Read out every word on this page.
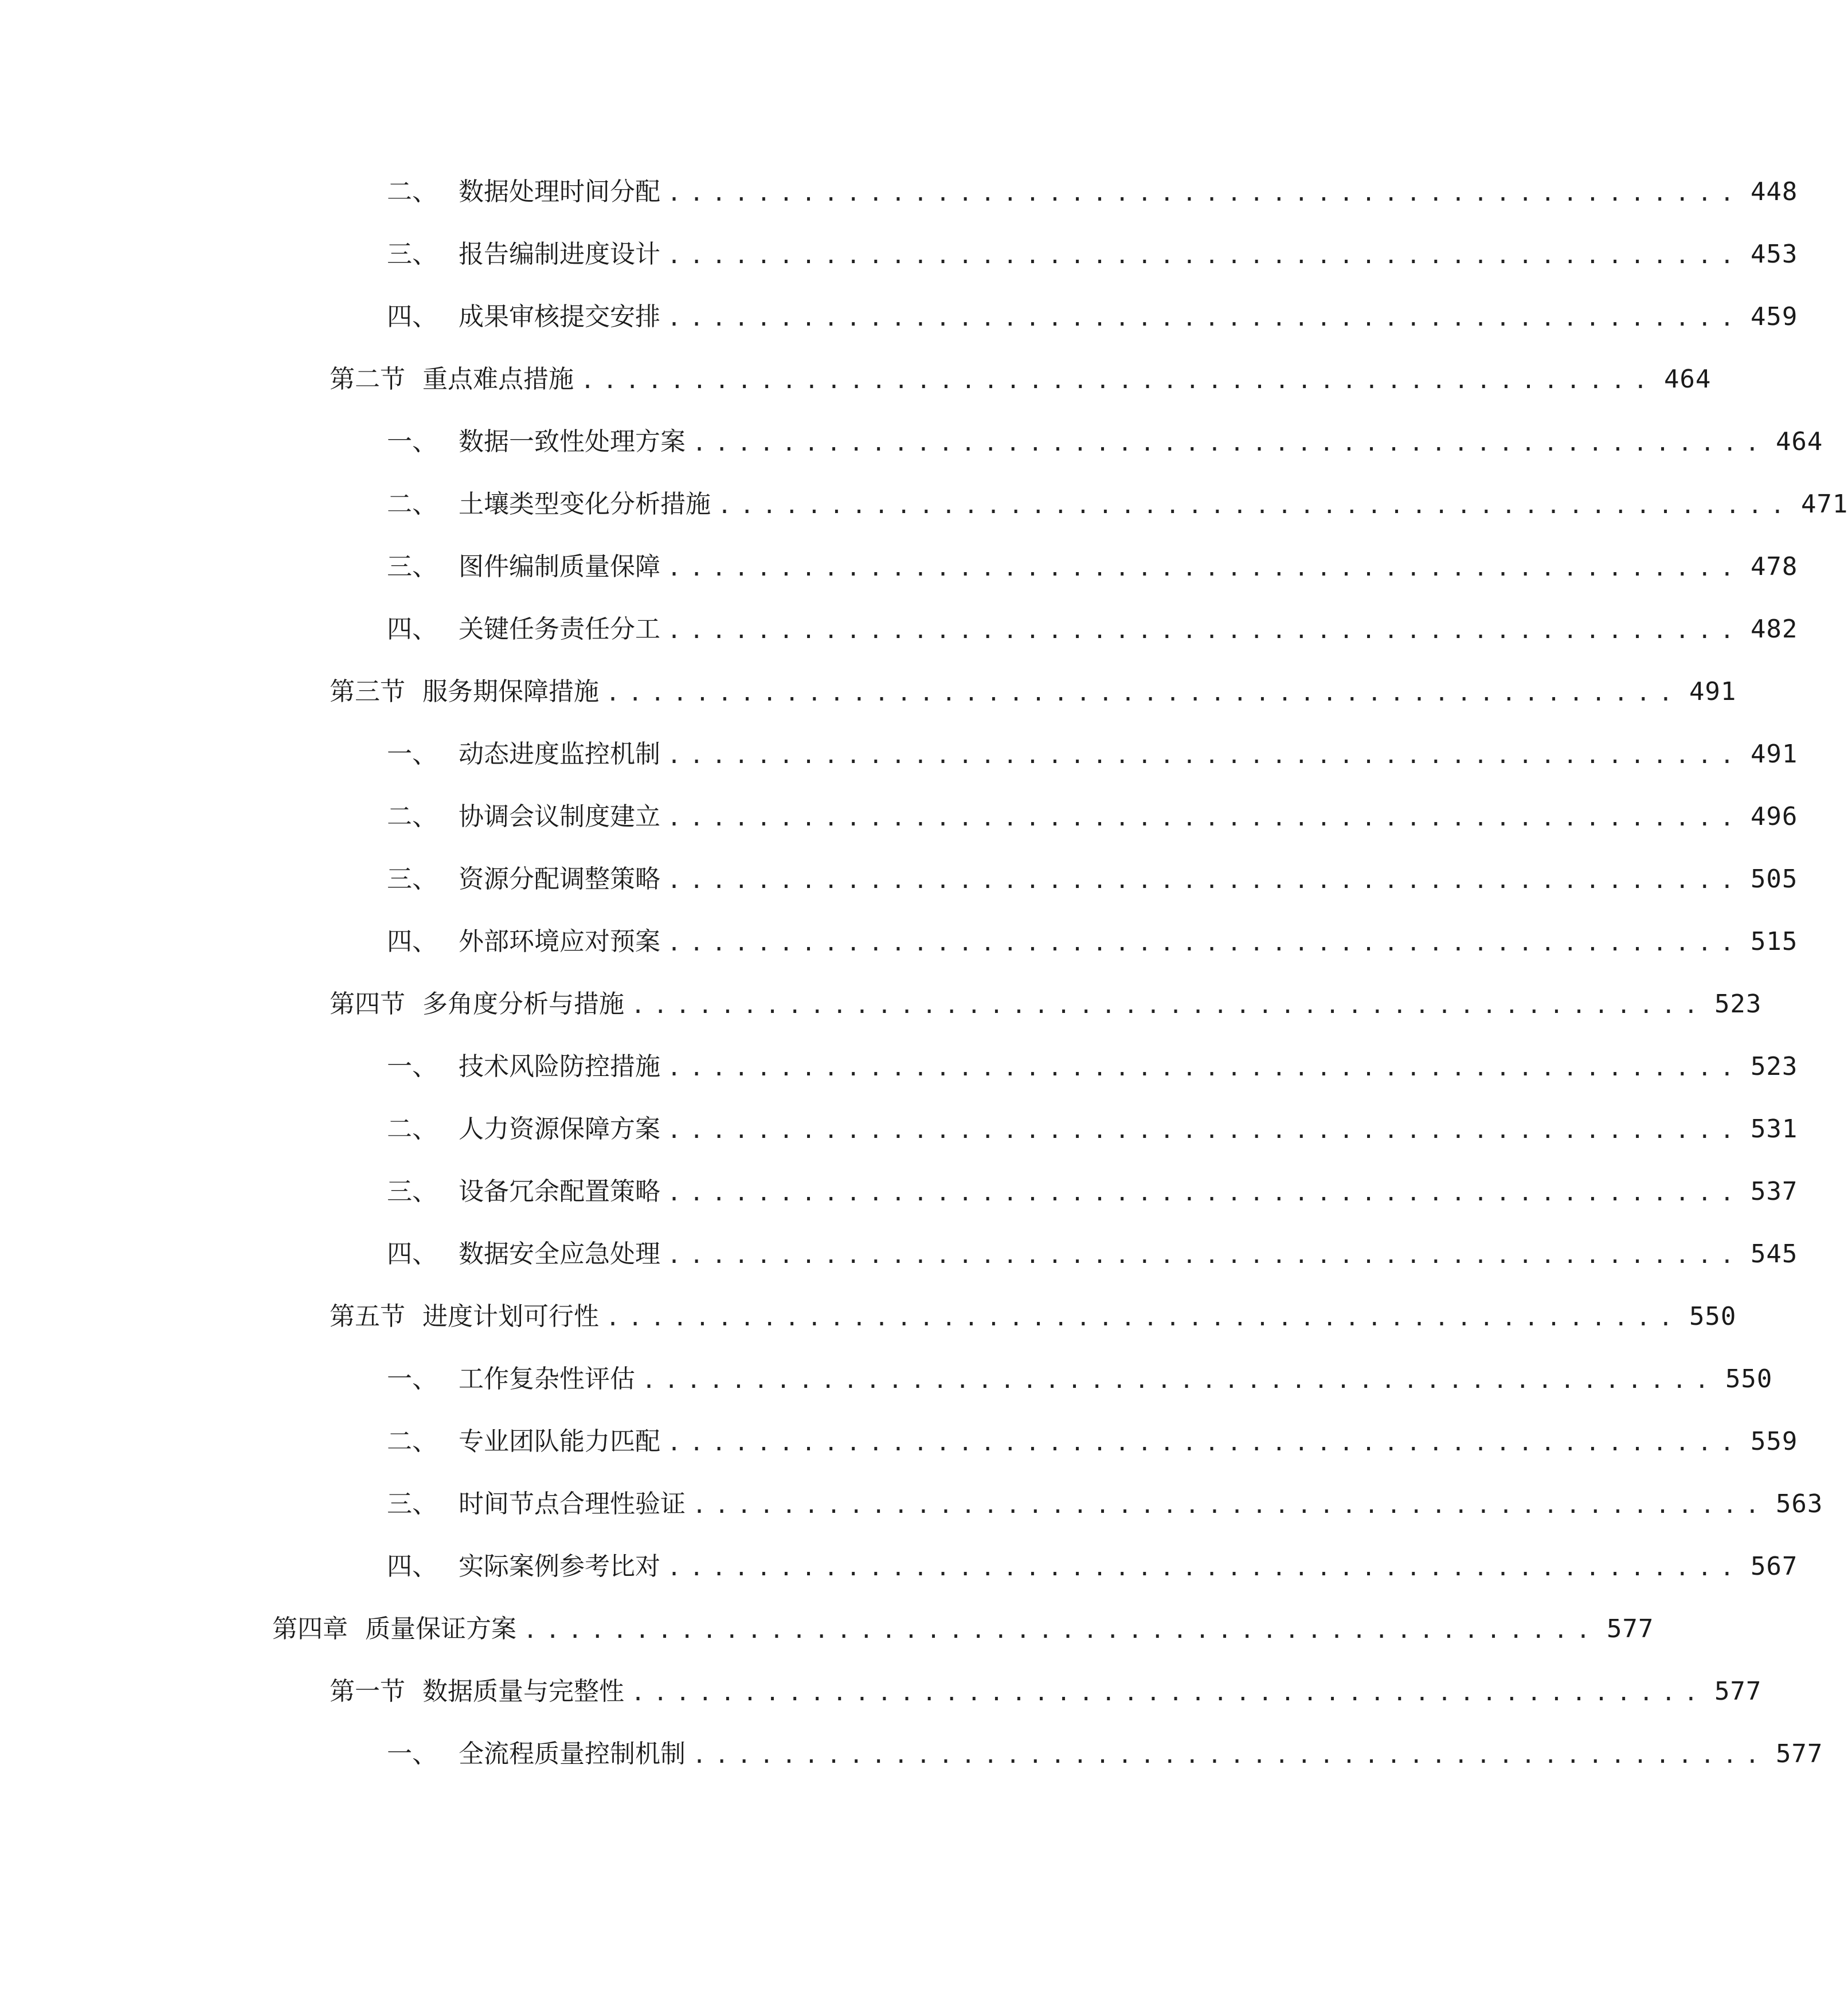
二、 数据处理时间分配 ................................................ 448
三、 报告编制进度设计 ................................................ 453
四、 成果审核提交安排 ................................................ 459
第二节 重点难点措施 ................................................ 464
一、 数据一致性处理方案 ................................................ 464
二、 土壤类型变化分析措施 ................................................ 471
三、 图件编制质量保障 ................................................ 478
四、 关键任务责任分工 ................................................ 482
第三节 服务期保障措施 ................................................ 491
一、 动态进度监控机制 ................................................ 491
二、 协调会议制度建立 ................................................ 496
三、 资源分配调整策略 ................................................ 505
四、 外部环境应对预案 ................................................ 515
第四节 多角度分析与措施 ................................................ 523
一、 技术风险防控措施 ................................................ 523
二、 人力资源保障方案 ................................................ 531
三、 设备冗余配置策略 ................................................ 537
四、 数据安全应急处理 ................................................ 545
第五节 进度计划可行性 ................................................ 550
一、 工作复杂性评估 ................................................ 550
二、 专业团队能力匹配 ................................................ 559
三、 时间节点合理性验证 ................................................ 563
四、 实际案例参考比对 ................................................ 567
第四章 质量保证方案 ................................................ 577
第一节 数据质量与完整性 ................................................ 577
一、 全流程质量控制机制 ................................................ 577
